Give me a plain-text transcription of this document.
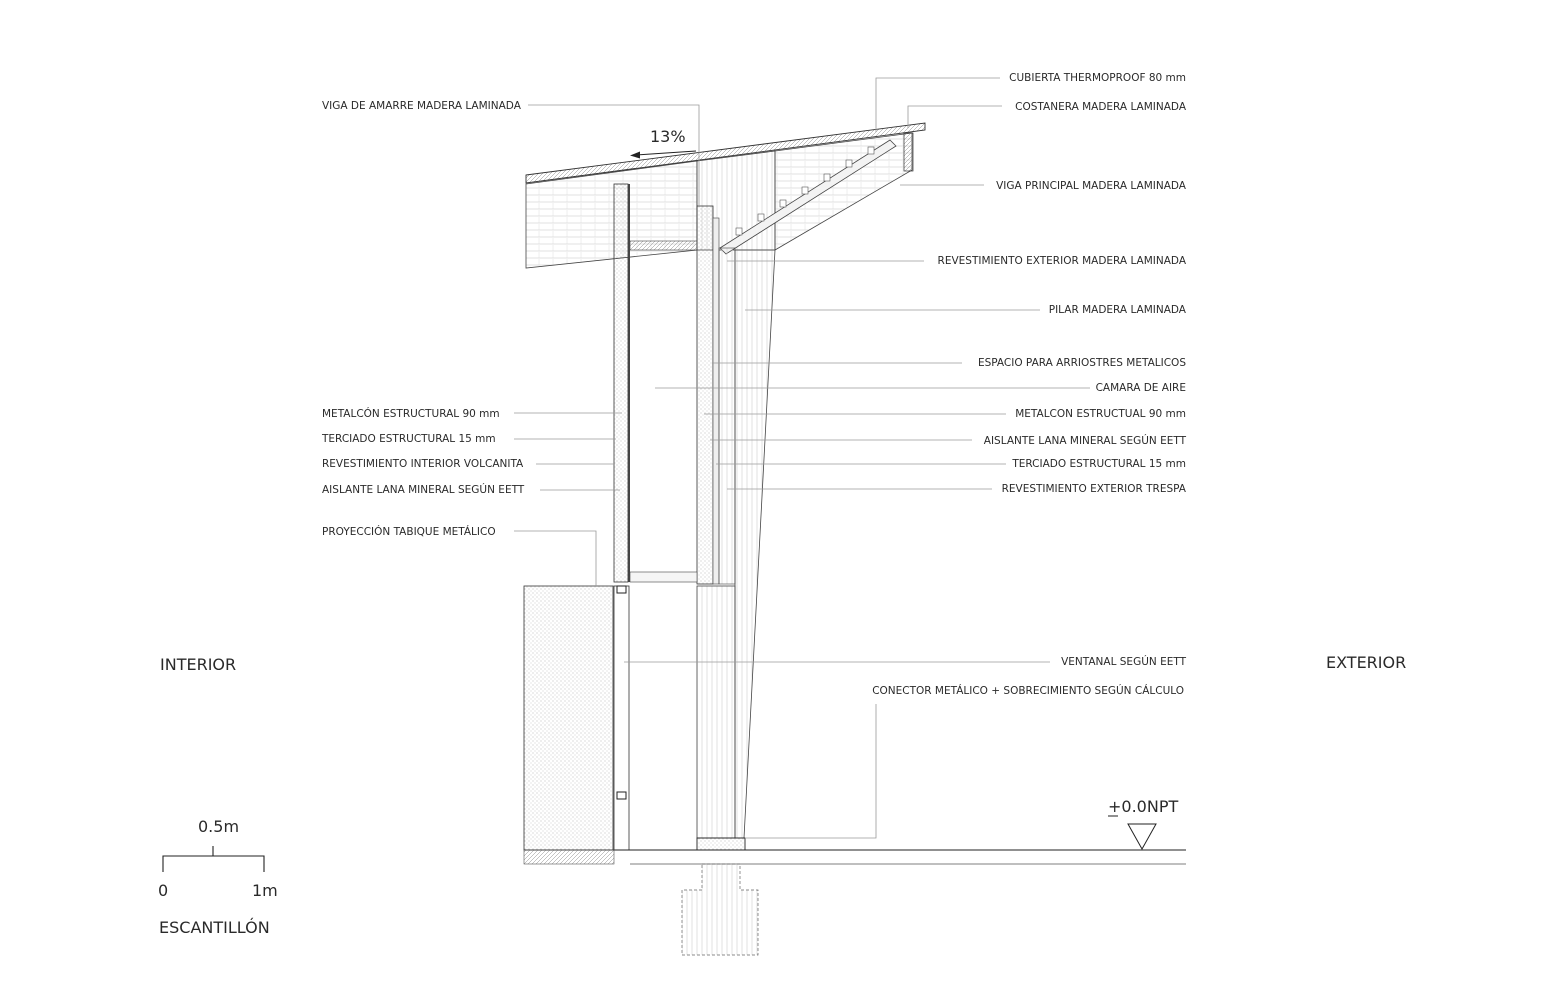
13%
+0.0NPT
INTERIOR	EXTERIOR
VIGA DE AMARRE MADERA LAMINADA
METALCÓN ESTRUCTURAL 90 mm
TERCIADO ESTRUCTURAL 15 mm
REVESTIMIENTO INTERIOR VOLCANITA
AISLANTE LANA MINERAL SEGÚN EETT
PROYECCIÓN TABIQUE METÁLICO
CUBIERTA THERMOPROOF 80 mm
COSTANERA MADERA LAMINADA
VIGA PRINCIPAL MADERA LAMINADA
REVESTIMIENTO EXTERIOR MADERA LAMINADA
PILAR MADERA LAMINADA
ESPACIO PARA ARRIOSTRES METALICOS
CAMARA DE AIRE
METALCON ESTRUCTUAL 90 mm
AISLANTE LANA MINERAL SEGÚN EETT
TERCIADO ESTRUCTURAL 15 mm
REVESTIMIENTO EXTERIOR TRESPA
VENTANAL SEGÚN EETT
CONECTOR METÁLICO + SOBRECIMIENTO SEGÚN CÁLCULO
0.5m
0	1m
ESCANTILLÓN
